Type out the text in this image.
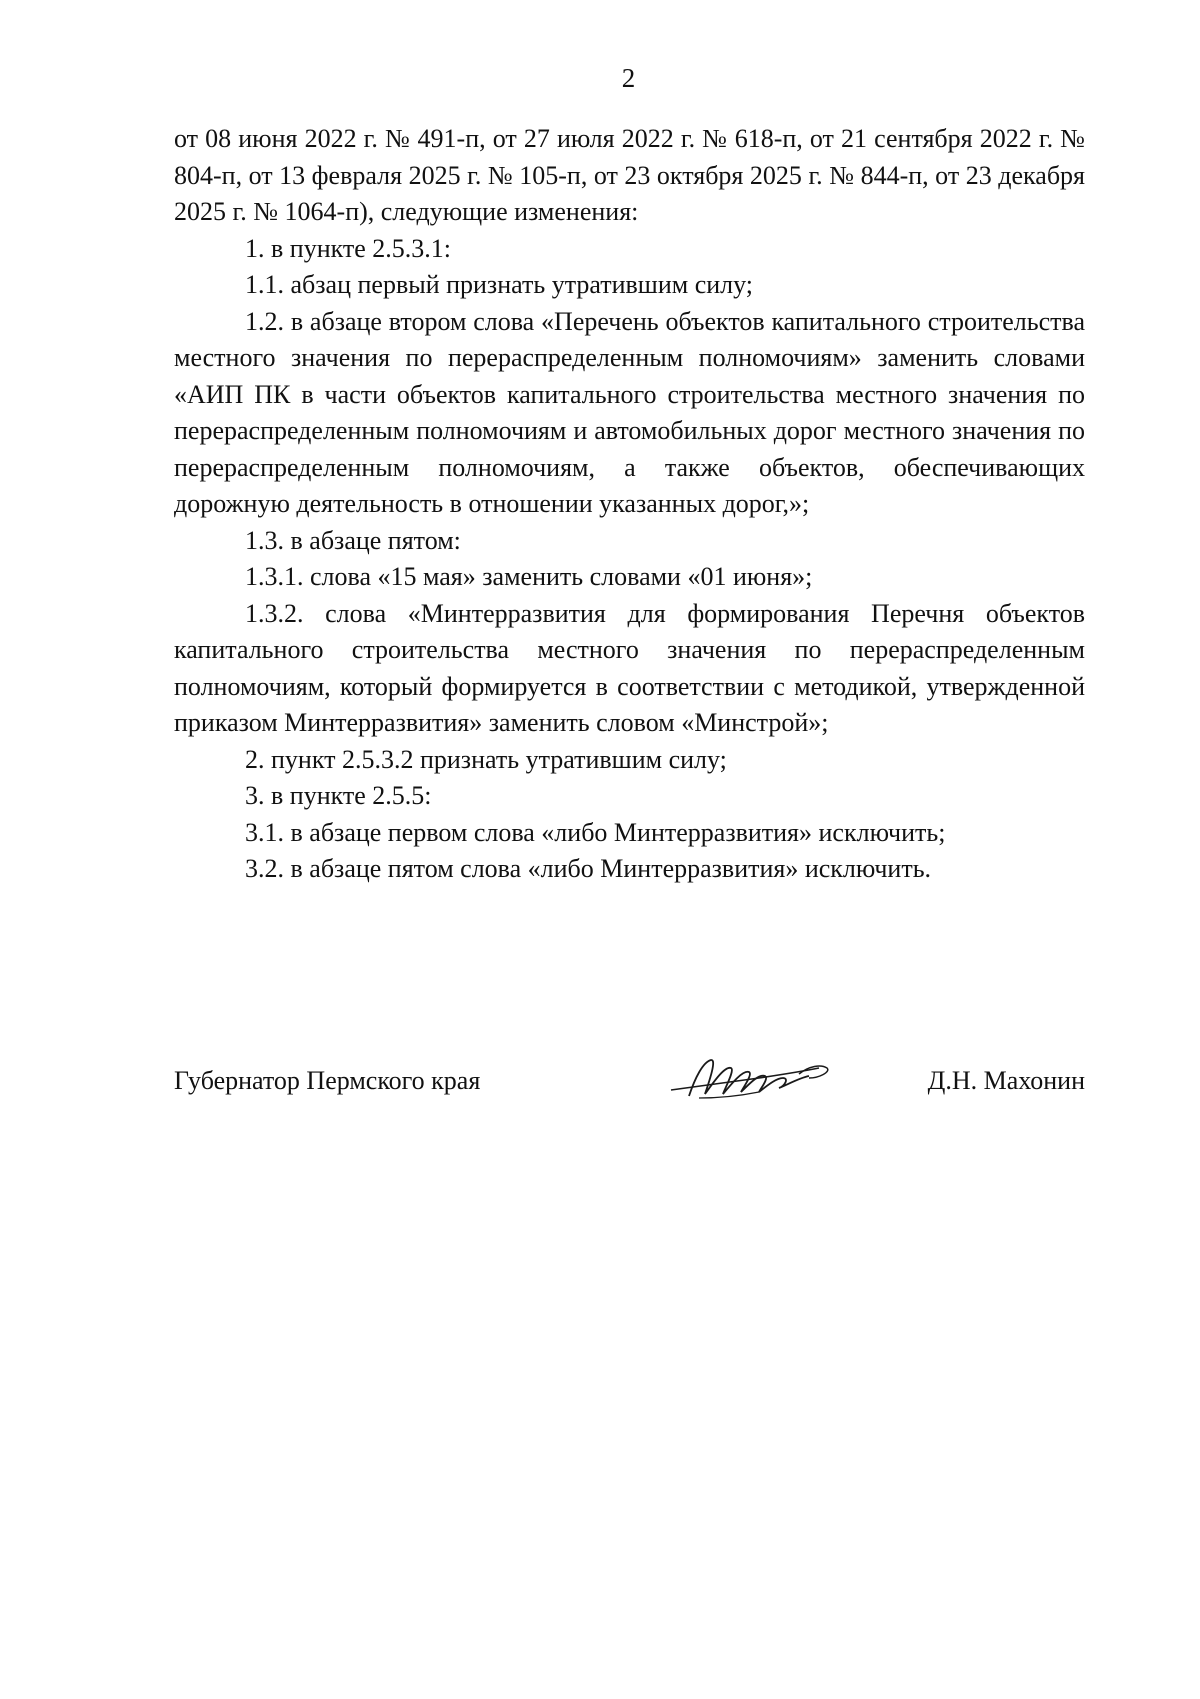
2

от 08 июня 2022 г. № 491-п, от 27 июля 2022 г. № 618-п, от 21 сентября 2022 г. № 804-п, от 13 февраля 2025 г. № 105-п, от 23 октября 2025 г. № 844-п, от 23 декабря 2025 г. № 1064-п), следующие изменения:

1. в пункте 2.5.3.1:

1.1. абзац первый признать утратившим силу;

1.2. в абзаце втором слова «Перечень объектов капитального строительства местного значения по перераспределенным полномочиям» заменить словами «АИП ПК в части объектов капитального строительства местного значения по перераспределенным полномочиям и автомобильных дорог местного значения по перераспределенным полномочиям, а также объектов, обеспечивающих дорожную деятельность в отношении указанных дорог,»;

1.3. в абзаце пятом:

1.3.1. слова «15 мая» заменить словами «01 июня»;

1.3.2. слова «Минтерразвития для формирования Перечня объектов капитального строительства местного значения по перераспределенным полномочиям, который формируется в соответствии с методикой, утвержденной приказом Минтерразвития» заменить словом «Минстрой»;

2. пункт 2.5.3.2 признать утратившим силу;

3. в пункте 2.5.5:

3.1. в абзаце первом слова «либо Минтерразвития» исключить;

3.2. в абзаце пятом слова «либо Минтерразвития» исключить.

Губернатор Пермского края	Д.Н. Махонин
